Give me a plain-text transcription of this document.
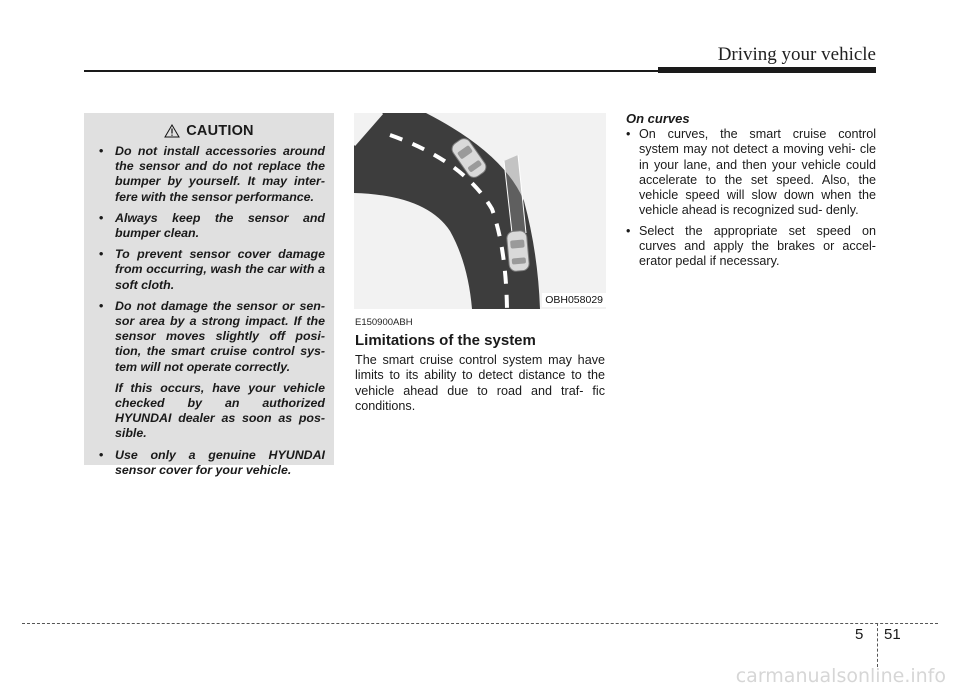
Driving your vehicle
CAUTION

• Do not install accessories around the sensor and do not replace the bumper by yourself. It may inter- fere with the sensor performance.

• Always keep the sensor and bumper clean.

• To prevent sensor cover damage from occurring, wash the car with a soft cloth.

• Do not damage the sensor or sen- sor area by a strong impact. If the sensor moves slightly off posi- tion, the smart cruise control sys- tem will not operate correctly.

If this occurs, have your vehicle checked by an authorized HYUNDAI dealer as soon as pos- sible.

• Use only a genuine HYUNDAI sensor cover for your vehicle.

OBH058029

E150900ABH

Limitations of the system

The smart cruise control system may have limits to its ability to detect distance to the vehicle ahead due to road and traf- fic conditions.

On curves
• On curves, the smart cruise control system may not detect a moving vehi- cle in your lane, and then your vehicle could accelerate to the set speed. Also, the vehicle speed will slow down when the vehicle ahead is recognized sud- denly.
• Select the appropriate set speed on curves and apply the brakes or accel- erator pedal if necessary.
5 51
carmanualsonline.info
